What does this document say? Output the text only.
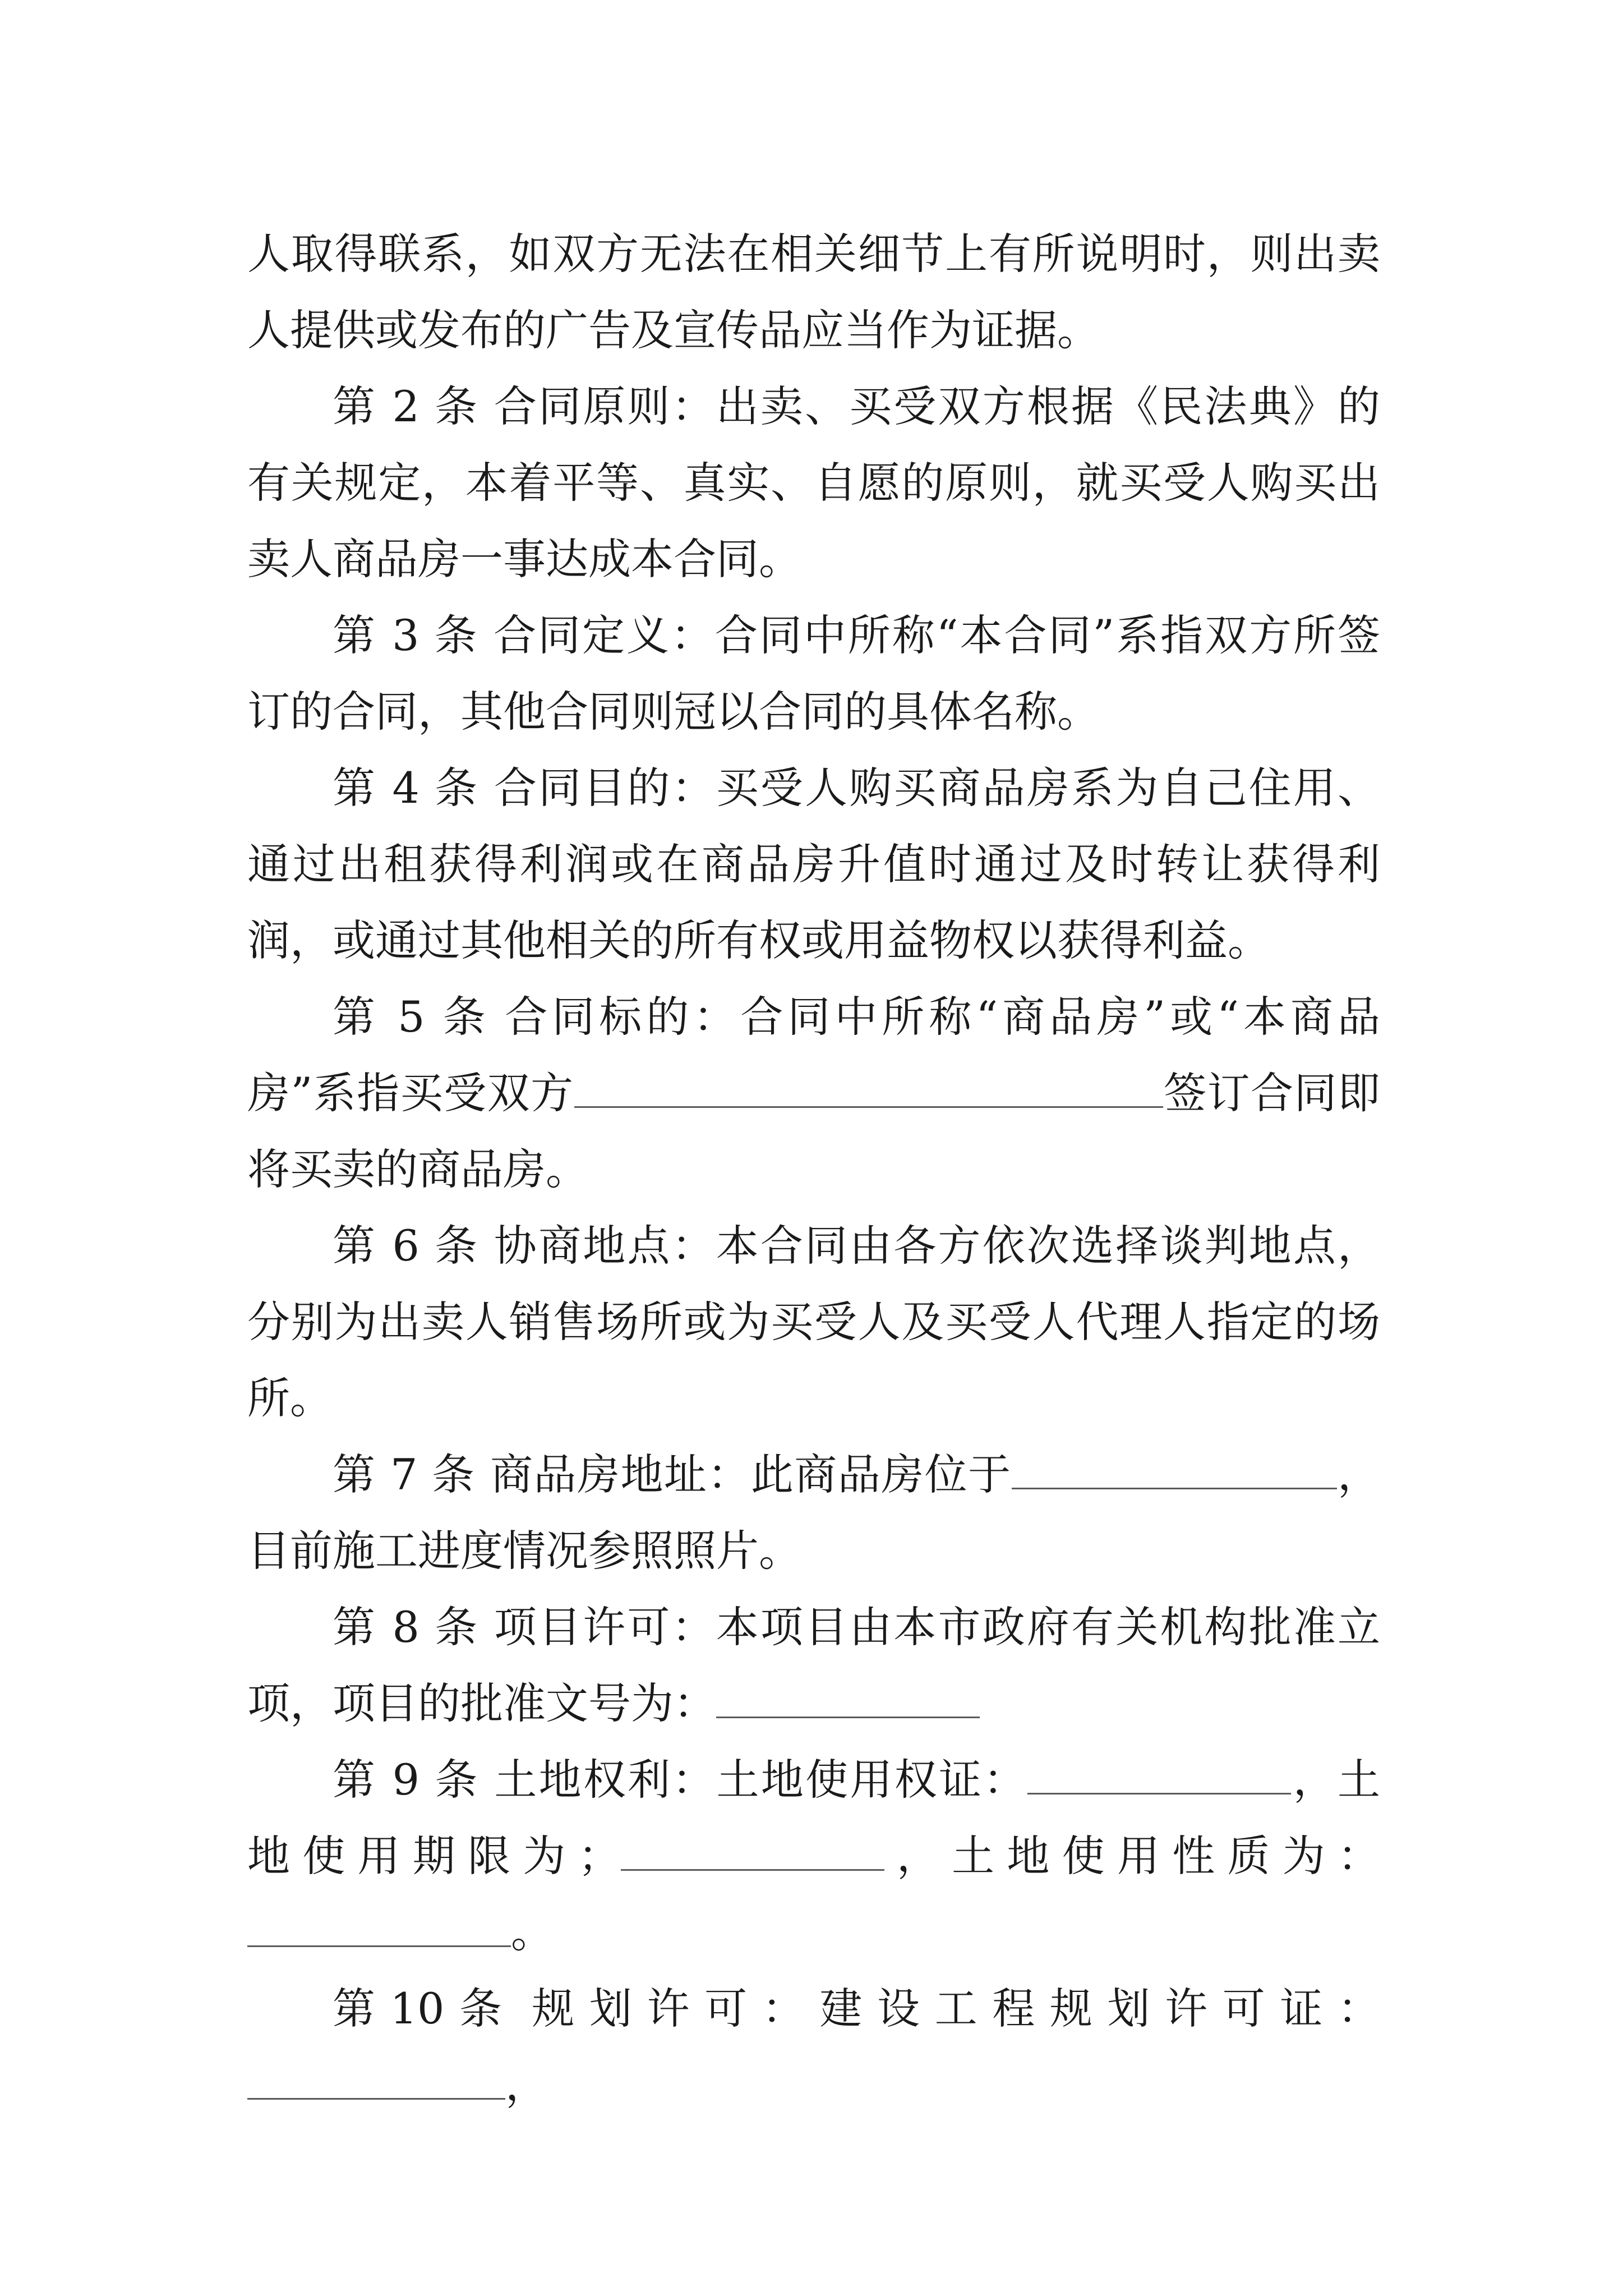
人取得联系，如双方无法在相关细节上有所说明时，则出卖人提供或发布的广告及宣传品应当作为证据。

第 2 条 合同原则：出卖、买受双方根据《民法典》的有关规定，本着平等、真实、自愿的原则，就买受人购买出卖人商品房一事达成本合同。

第 3 条 合同定义：合同中所称“本合同”系指双方所签订的合同，其他合同则冠以合同的具体名称。

第 4 条 合同目的：买受人购买商品房系为自己住用、通过出租获得利润或在商品房升值时通过及时转让获得利润，或通过其他相关的所有权或用益物权以获得利益。

第 5 条 合同标的：合同中所称“商品房”或“本商品房”系指买受双方	签订合同即将买卖的商品房。

第 6 条 协商地点：本合同由各方依次选择谈判地点，分别为出卖人销售场所或为买受人及买受人代理人指定的场所。

第 7 条 商品房地址：此商品房位于	，目前施工进度情况参照照片。

第 8 条 项目许可：本项目由本市政府有关机构批准立项，项目的批准文号为：

第 9 条 土地权利：土地使用权证：	，土地使用期限为；	，土地使用性质为：。

第10条 规划许可：建设工程规划许可证：，
